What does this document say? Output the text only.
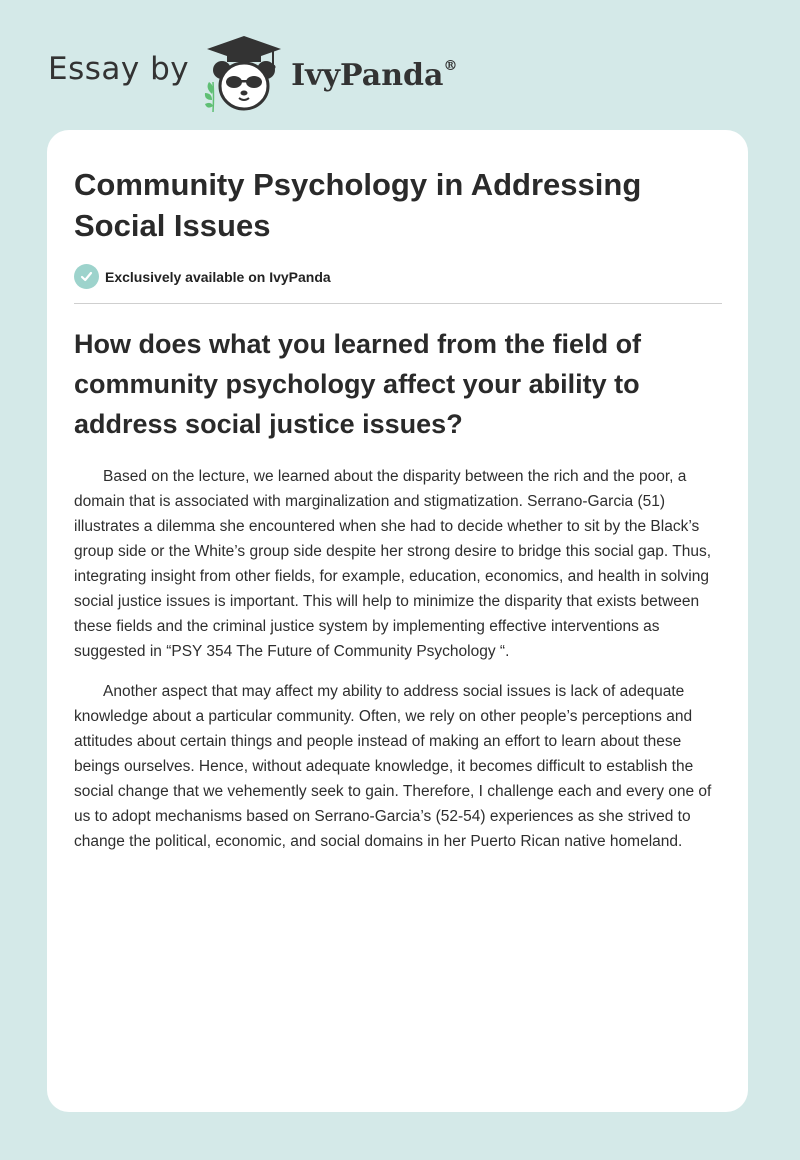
Essay by	IvyPanda®
Community Psychology in Addressing Social Issues
Exclusively available on IvyPanda
How does what you learned from the field of community psychology affect your ability to address social justice issues?

Based on the lecture, we learned about the disparity between the rich and the poor, a domain that is associated with marginalization and stigmatization. Serrano-Garcia (51) illustrates a dilemma she encountered when she had to decide whether to sit by the Black’s group side or the White’s group side despite her strong desire to bridge this social gap. Thus, integrating insight from other fields, for example, education, economics, and health in solving social justice issues is important. This will help to minimize the disparity that exists between these fields and the criminal justice system by implementing effective interventions as suggested in “PSY 354 The Future of Community Psychology “.

Another aspect that may affect my ability to address social issues is lack of adequate knowledge about a particular community. Often, we rely on other people’s perceptions and attitudes about certain things and people instead of making an effort to learn about these beings ourselves. Hence, without adequate knowledge, it becomes difficult to establish the social change that we vehemently seek to gain. Therefore, I challenge each and every one of us to adopt mechanisms based on Serrano-Garcia’s (52-54) experiences as she strived to change the political, economic, and social domains in her Puerto Rican native homeland.
